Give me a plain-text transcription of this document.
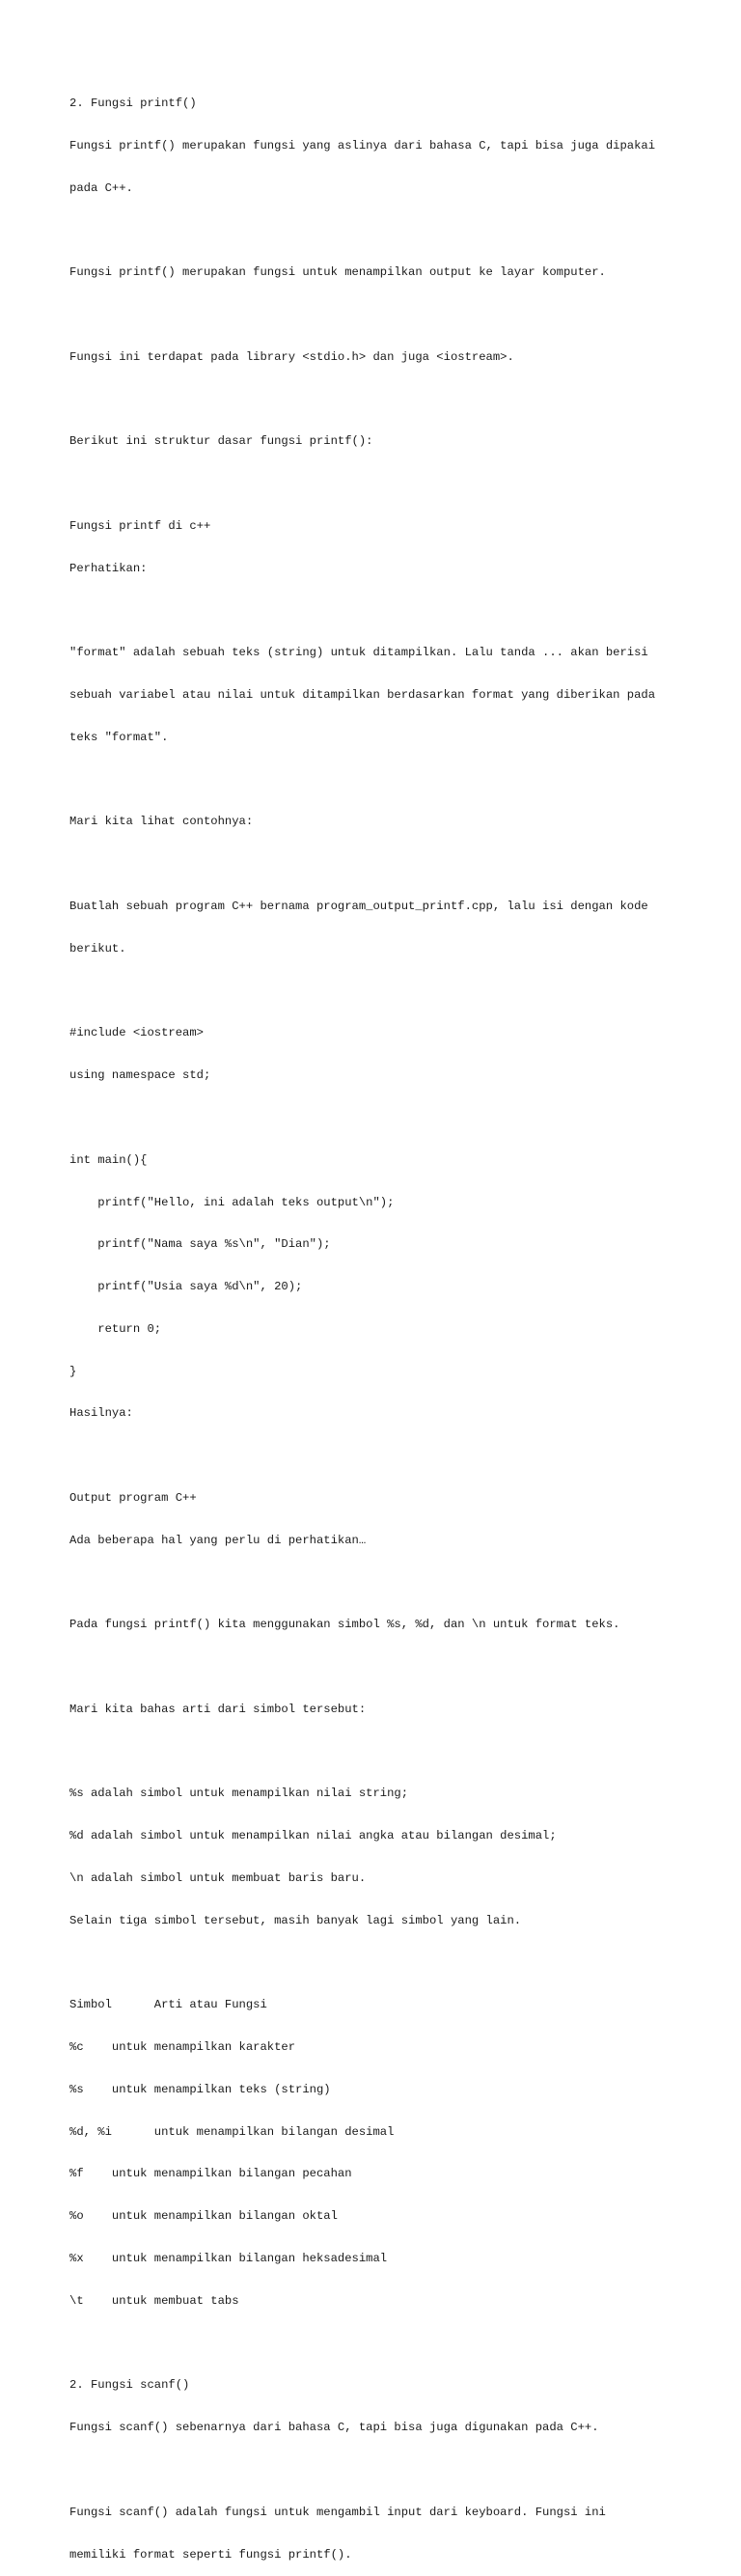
2. Fungsi printf()

Fungsi printf() merupakan fungsi yang aslinya dari bahasa C, tapi bisa juga dipakai

pada C++.

Fungsi printf() merupakan fungsi untuk menampilkan output ke layar komputer.

Fungsi ini terdapat pada library <stdio.h> dan juga <iostream>.

Berikut ini struktur dasar fungsi printf():

Fungsi printf di c++

Perhatikan:

"format" adalah sebuah teks (string) untuk ditampilkan. Lalu tanda ... akan berisi

sebuah variabel atau nilai untuk ditampilkan berdasarkan format yang diberikan pada

teks "format".

Mari kita lihat contohnya:

Buatlah sebuah program C++ bernama program_output_printf.cpp, lalu isi dengan kode

berikut.

#include <iostream>

using namespace std;

int main(){

printf("Hello, ini adalah teks output\n");

printf("Nama saya %s\n", "Dian");

printf("Usia saya %d\n", 20);

return 0;

}

Hasilnya:

Output program C++

Ada beberapa hal yang perlu di perhatikan…

Pada fungsi printf() kita menggunakan simbol %s, %d, dan \n untuk format teks.

Mari kita bahas arti dari simbol tersebut:

%s adalah simbol untuk menampilkan nilai string;

%d adalah simbol untuk menampilkan nilai angka atau bilangan desimal;

\n adalah simbol untuk membuat baris baru.

Selain tiga simbol tersebut, masih banyak lagi simbol yang lain.

Simbol      Arti atau Fungsi

%c    untuk menampilkan karakter

%s    untuk menampilkan teks (string)

%d, %i      untuk menampilkan bilangan desimal

%f    untuk menampilkan bilangan pecahan

%o    untuk menampilkan bilangan oktal

%x    untuk menampilkan bilangan heksadesimal

\t    untuk membuat tabs

2. Fungsi scanf()

Fungsi scanf() sebenarnya dari bahasa C, tapi bisa juga digunakan pada C++.

Fungsi scanf() adalah fungsi untuk mengambil input dari keyboard. Fungsi ini

memiliki format seperti fungsi printf().
